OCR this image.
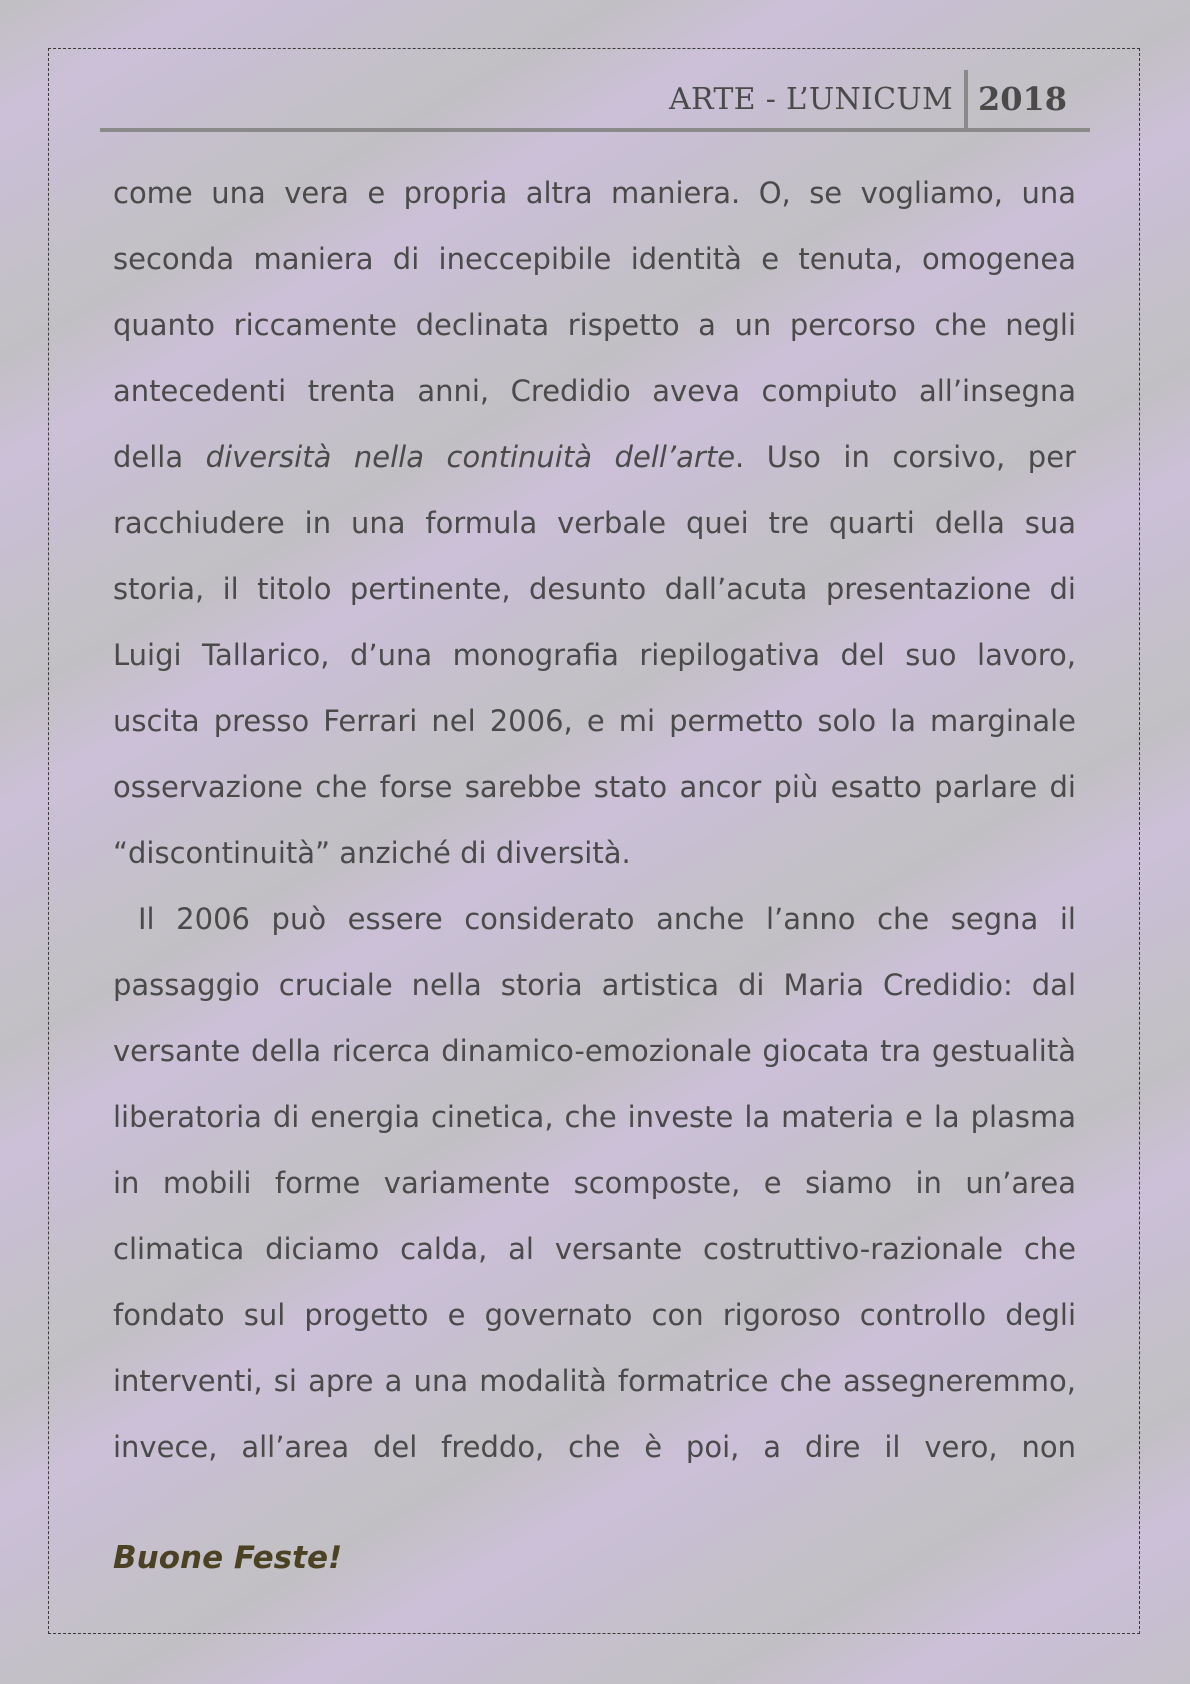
ARTE - L’UNICUM 2018
come una vera e propria altra maniera. O, se vogliamo, una
seconda maniera di ineccepibile identità e tenuta, omogenea
quanto riccamente declinata rispetto a un percorso che negli
antecedenti trenta anni, Credidio aveva compiuto all’insegna
della diversità nella continuità dell’arte. Uso in corsivo, per
racchiudere in una formula verbale quei tre quarti della sua
storia, il titolo pertinente, desunto dall’acuta presentazione di
Luigi Tallarico, d’una monografia riepilogativa del suo lavoro,
uscita presso Ferrari nel 2006, e mi permetto solo la marginale
osservazione che forse sarebbe stato ancor più esatto parlare di
“discontinuità” anziché di diversità.
Il 2006 può essere considerato anche l’anno che segna il
passaggio cruciale nella storia artistica di Maria Credidio: dal
versante della ricerca dinamico-emozionale giocata tra gestualità
liberatoria di energia cinetica, che investe la materia e la plasma
in mobili forme variamente scomposte, e siamo in un’area
climatica diciamo calda, al versante costruttivo-razionale che
fondato sul progetto e governato con rigoroso controllo degli
interventi, si apre a una modalità formatrice che assegneremmo,
invece, all’area del freddo, che è poi, a dire il vero, non
Buone Feste!
